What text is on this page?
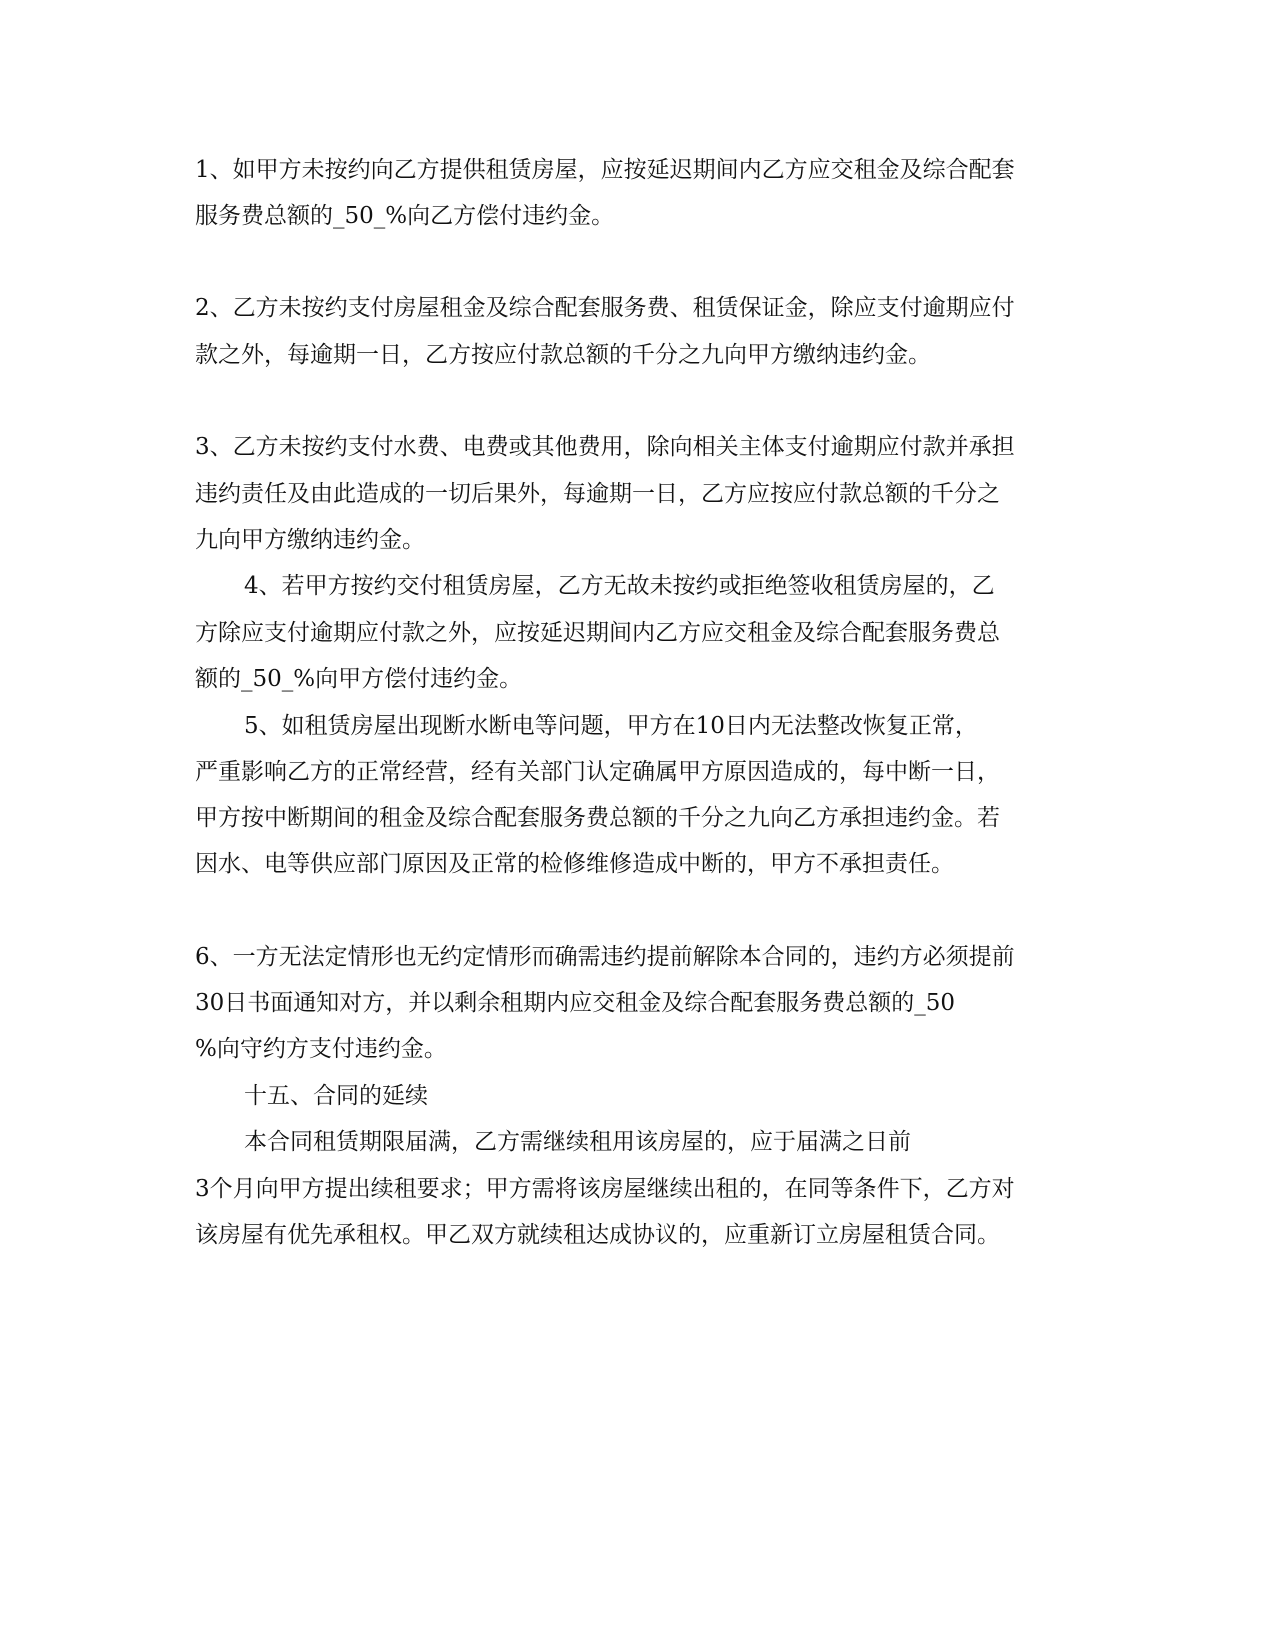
1、如甲方未按约向乙方提供租赁房屋，应按延迟期间内乙方应交租金及综合配套

服务费总额的_50_%向乙方偿付违约金。

2、乙方未按约支付房屋租金及综合配套服务费、租赁保证金，除应支付逾期应付

款之外，每逾期一日，乙方按应付款总额的千分之九向甲方缴纳违约金。

3、乙方未按约支付水费、电费或其他费用，除向相关主体支付逾期应付款并承担

违约责任及由此造成的一切后果外，每逾期一日，乙方应按应付款总额的千分之

九向甲方缴纳违约金。

4、若甲方按约交付租赁房屋，乙方无故未按约或拒绝签收租赁房屋的，乙

方除应支付逾期应付款之外，应按延迟期间内乙方应交租金及综合配套服务费总

额的_50_%向甲方偿付违约金。

5、如租赁房屋出现断水断电等问题，甲方在10日内无法整改恢复正常，

严重影响乙方的正常经营，经有关部门认定确属甲方原因造成的，每中断一日，

甲方按中断期间的租金及综合配套服务费总额的千分之九向乙方承担违约金。若

因水、电等供应部门原因及正常的检修维修造成中断的，甲方不承担责任。

6、一方无法定情形也无约定情形而确需违约提前解除本合同的，违约方必须提前

30日书面通知对方，并以剩余租期内应交租金及综合配套服务费总额的_50

%向守约方支付违约金。

十五、合同的延续

本合同租赁期限届满，乙方需继续租用该房屋的，应于届满之日前

3个月向甲方提出续租要求；甲方需将该房屋继续出租的，在同等条件下，乙方对

该房屋有优先承租权。甲乙双方就续租达成协议的，应重新订立房屋租赁合同。
